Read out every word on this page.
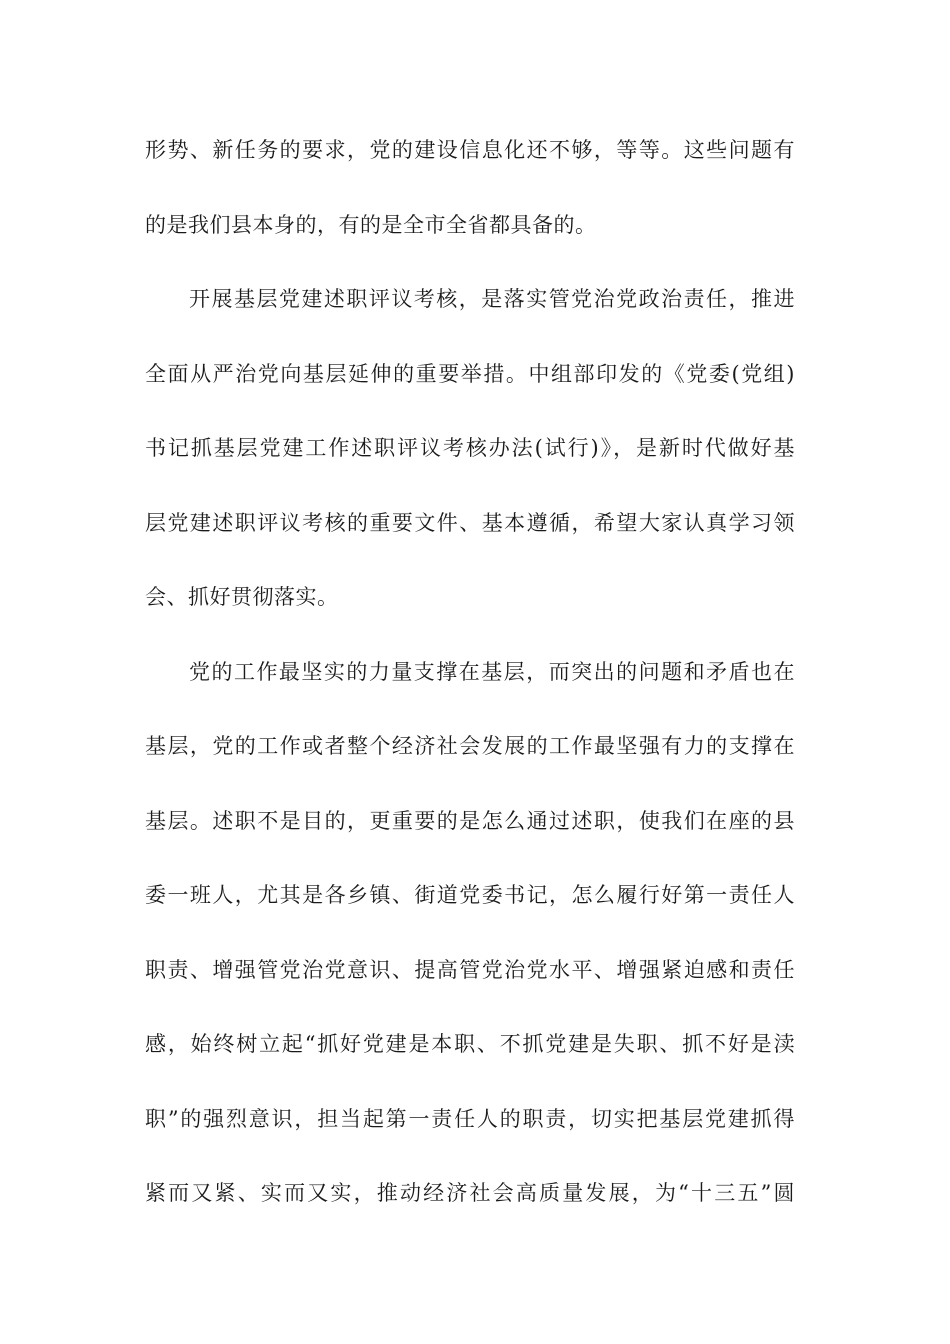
形势、新任务的要求，党的建设信息化还不够，等等。这些问题有
的是我们县本身的，有的是全市全省都具备的。
开展基层党建述职评议考核，是落实管党治党政治责任，推进
全面从严治党向基层延伸的重要举措。中组部印发的《党委(党组)
书记抓基层党建工作述职评议考核办法(试行)》，是新时代做好基
层党建述职评议考核的重要文件、基本遵循，希望大家认真学习领
会、抓好贯彻落实。
党的工作最坚实的力量支撑在基层，而突出的问题和矛盾也在
基层，党的工作或者整个经济社会发展的工作最坚强有力的支撑在
基层。述职不是目的，更重要的是怎么通过述职，使我们在座的县
委一班人，尤其是各乡镇、街道党委书记，怎么履行好第一责任人
职责、增强管党治党意识、提高管党治党水平、增强紧迫感和责任
感，始终树立起“抓好党建是本职、不抓党建是失职、抓不好是渎
职”的强烈意识，担当起第一责任人的职责，切实把基层党建抓得
紧而又紧、实而又实，推动经济社会高质量发展，为“十三五”圆
